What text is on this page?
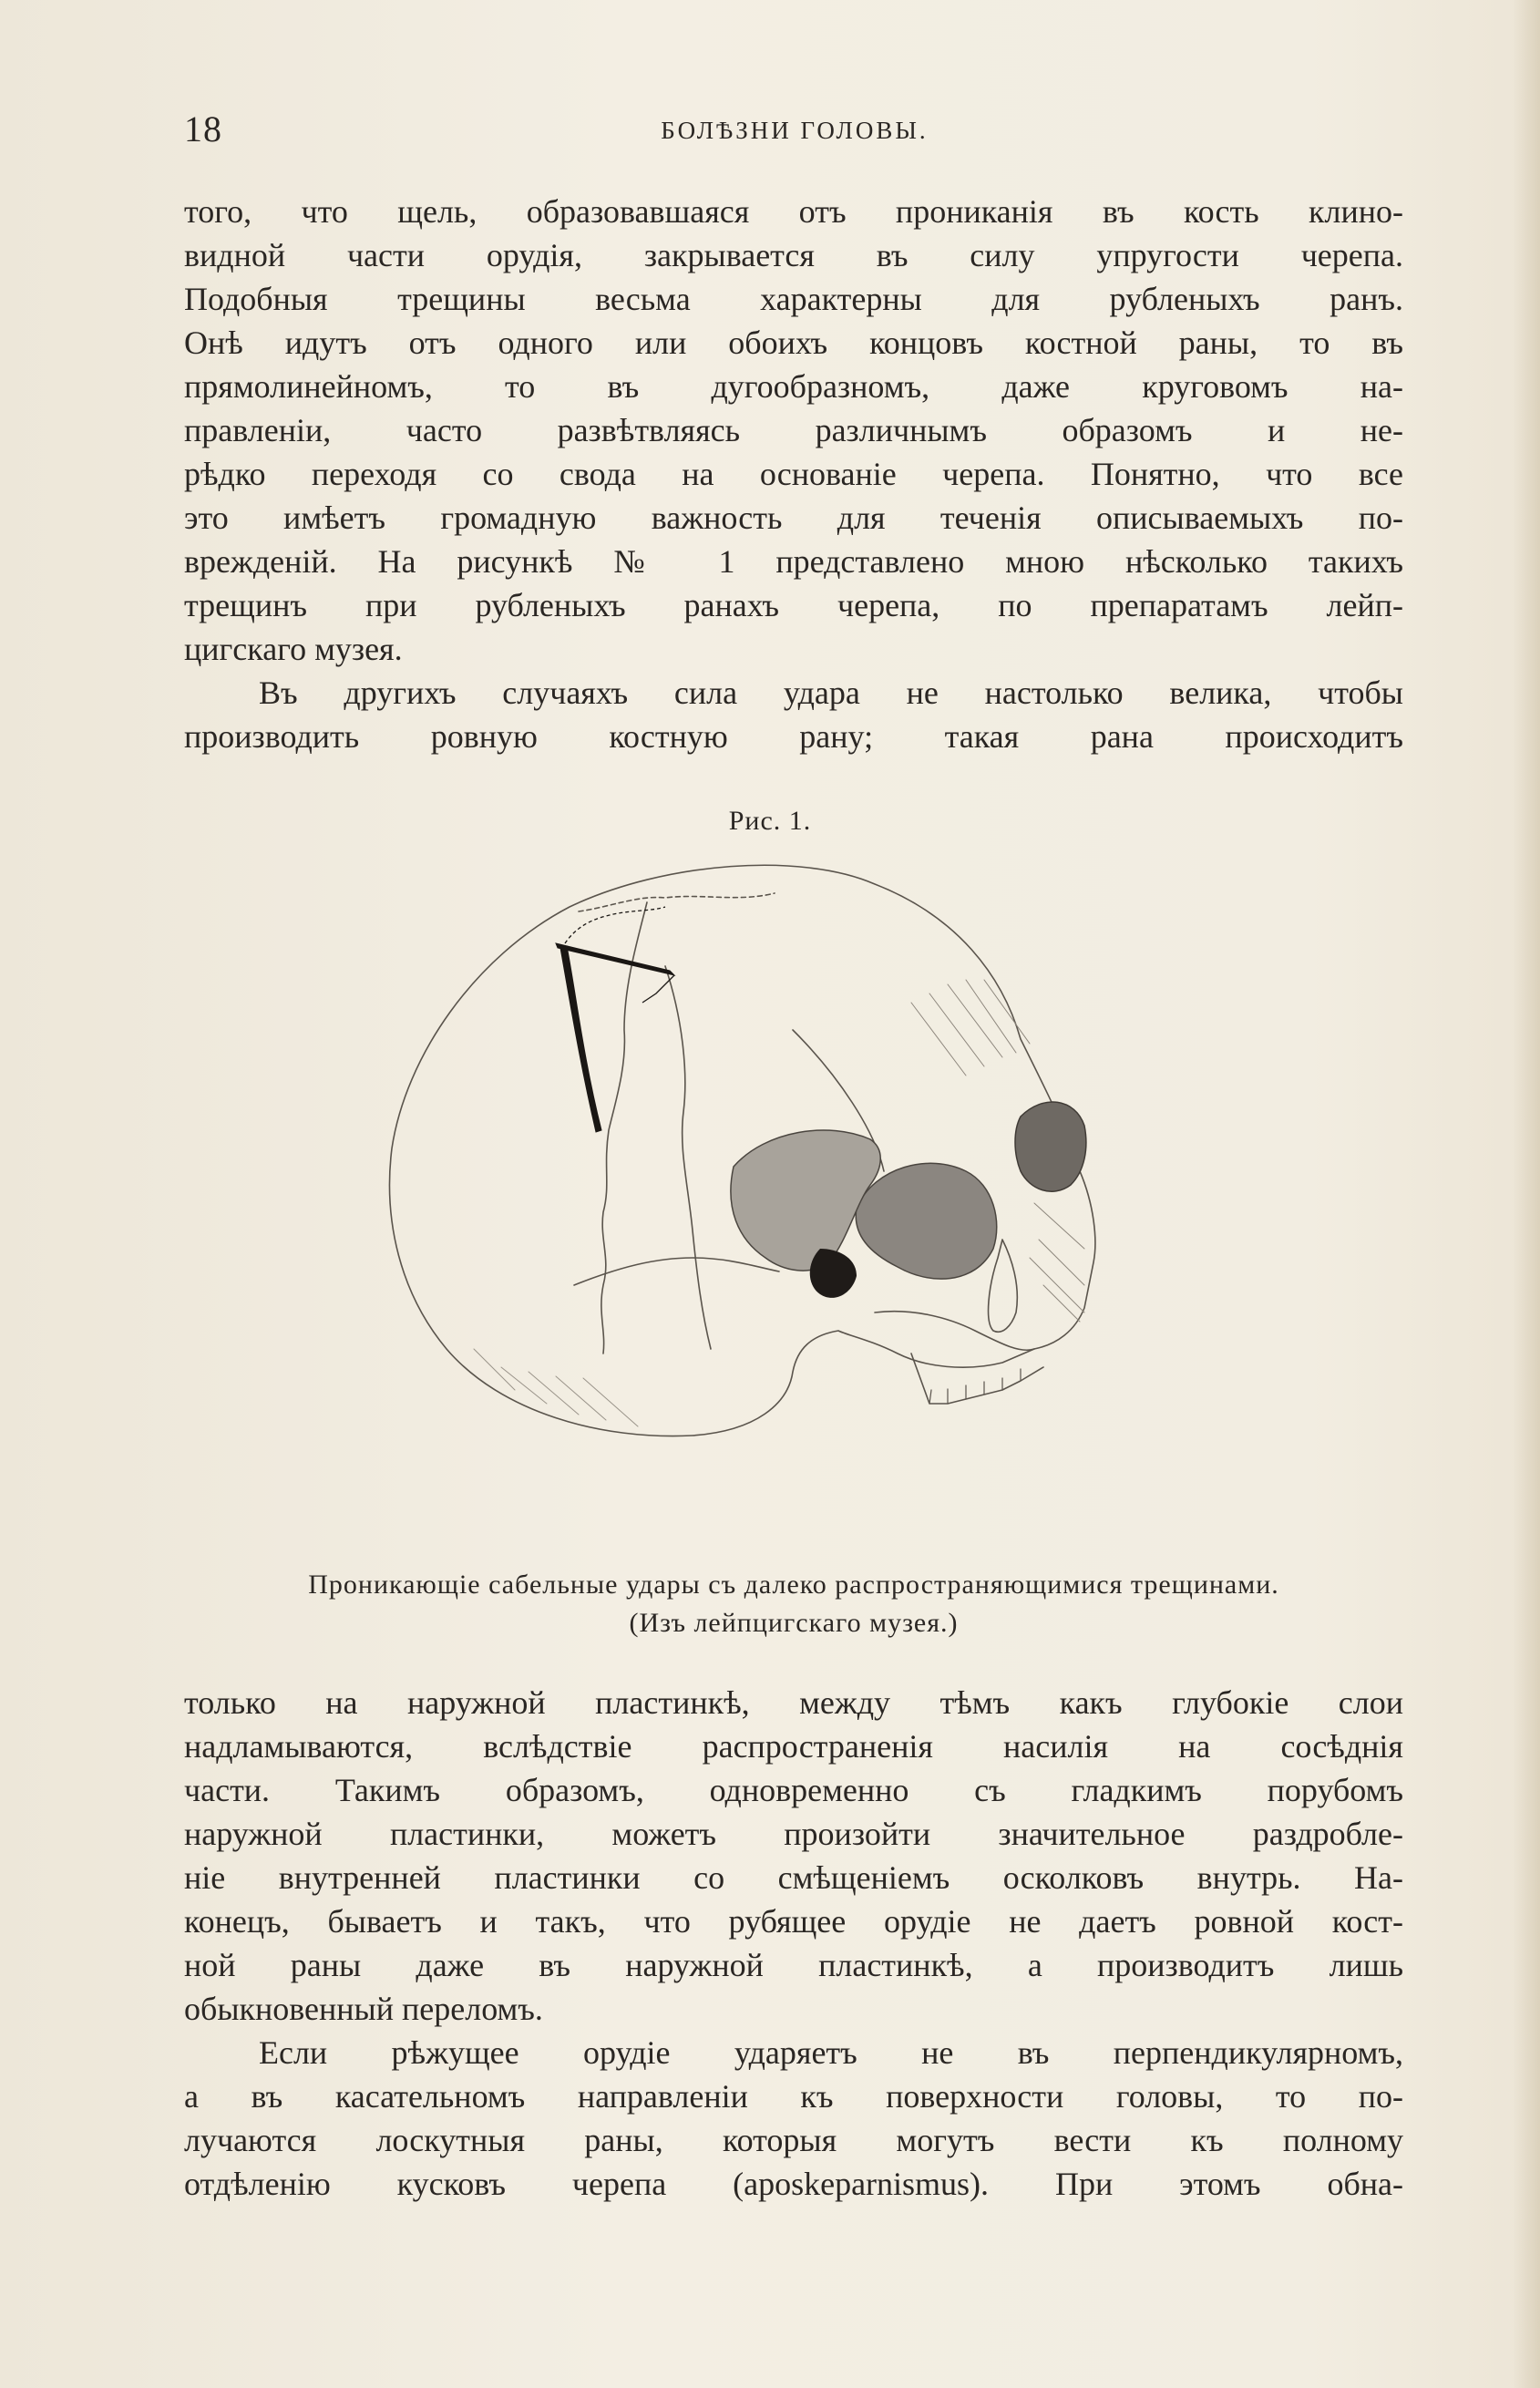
18	БОЛѢЗНИ ГОЛОВЫ.
того, что щель, образовавшаяся отъ прониканія въ кость клино-
видной части орудія, закрывается въ силу упругости черепа.
Подобныя трещины весьма характерны для рубленыхъ ранъ.
Онѣ идутъ отъ одного или обоихъ концовъ костной раны, то въ
прямолинейномъ, то въ дугообразномъ, даже круговомъ на-
правленіи, часто развѣтвляясь различнымъ образомъ и не-
рѣдко переходя со свода на основаніе черепа. Понятно, что все
это имѣетъ громадную важность для теченія описываемыхъ по-
врежденій. На рисункѣ № 1 представлено мною нѣсколько такихъ
трещинъ при рубленыхъ ранахъ черепа, по препаратамъ лейп-
цигскаго музея.
Въ другихъ случаяхъ сила удара не настолько велика, чтобы
производить ровную костную рану; такая рана происходитъ
Рис. 1.
Проникающіе сабельные удары съ далеко распространяющимися трещинами.
(Изъ лейпцигскаго музея.)
только на наружной пластинкѣ, между тѣмъ какъ глубокіе слои
надламываются, вслѣдствіе распространенія насилія на сосѣднія
части. Такимъ образомъ, одновременно съ гладкимъ порубомъ
наружной пластинки, можетъ произойти значительное раздробле-
ніе внутренней пластинки со смѣщеніемъ осколковъ внутрь. На-
конецъ, бываетъ и такъ, что рубящее орудіе не даетъ ровной кост-
ной раны даже въ наружной пластинкѣ, а производитъ лишь
обыкновенный переломъ.
Если рѣжущее орудіе ударяетъ не въ перпендикулярномъ,
а въ касательномъ направленіи къ поверхности головы, то по-
лучаются лоскутныя раны, которыя могутъ вести къ полному
отдѣленію кусковъ черепа (aposkeparnismus). При этомъ обна-
